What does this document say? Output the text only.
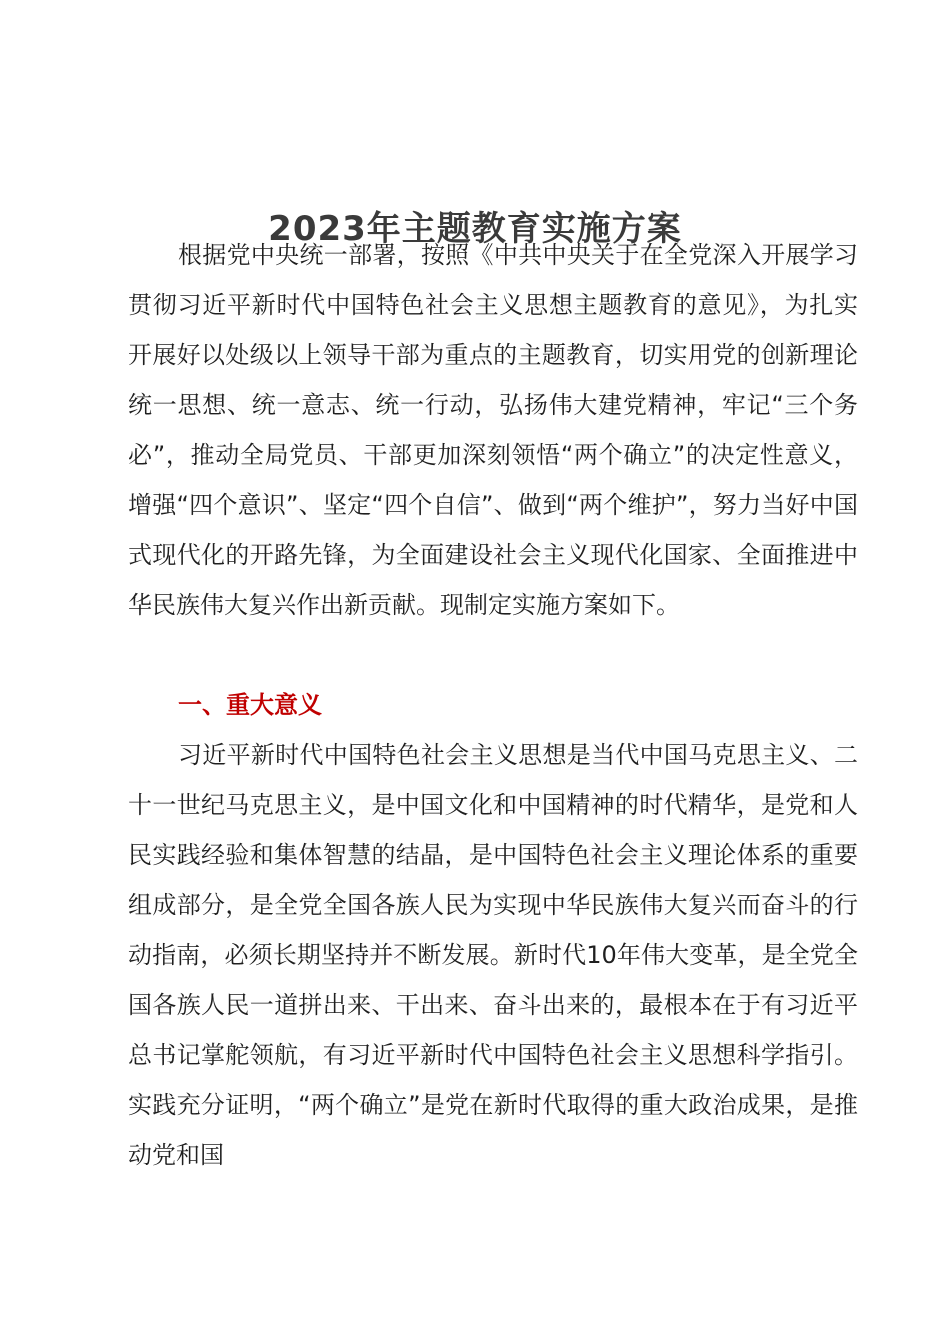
2023年主题教育实施方案

根据党中央统一部署，按照《中共中央关于在全党深入开展学习贯彻习近平新时代中国特色社会主义思想主题教育的意见》，为扎实开展好以处级以上领导干部为重点的主题教育，切实用党的创新理论统一思想、统一意志、统一行动，弘扬伟大建党精神，牢记“三个务必”，推动全局党员、干部更加深刻领悟“两个确立”的决定性意义，增强“四个意识”、坚定“四个自信”、做到“两个维护”，努力当好中国式现代化的开路先锋，为全面建设社会主义现代化国家、全面推进中华民族伟大复兴作出新贡献。现制定实施方案如下。

一、重大意义

习近平新时代中国特色社会主义思想是当代中国马克思主义、二十一世纪马克思主义，是中国文化和中国精神的时代精华，是党和人民实践经验和集体智慧的结晶，是中国特色社会主义理论体系的重要组成部分，是全党全国各族人民为实现中华民族伟大复兴而奋斗的行动指南，必须长期坚持并不断发展。新时代10年伟大变革，是全党全国各族人民一道拼出来、干出来、奋斗出来的，最根本在于有习近平总书记掌舵领航，有习近平新时代中国特色社会主义思想科学指引。实践充分证明，“两个确立”是党在新时代取得的重大政治成果，是推动党和国
